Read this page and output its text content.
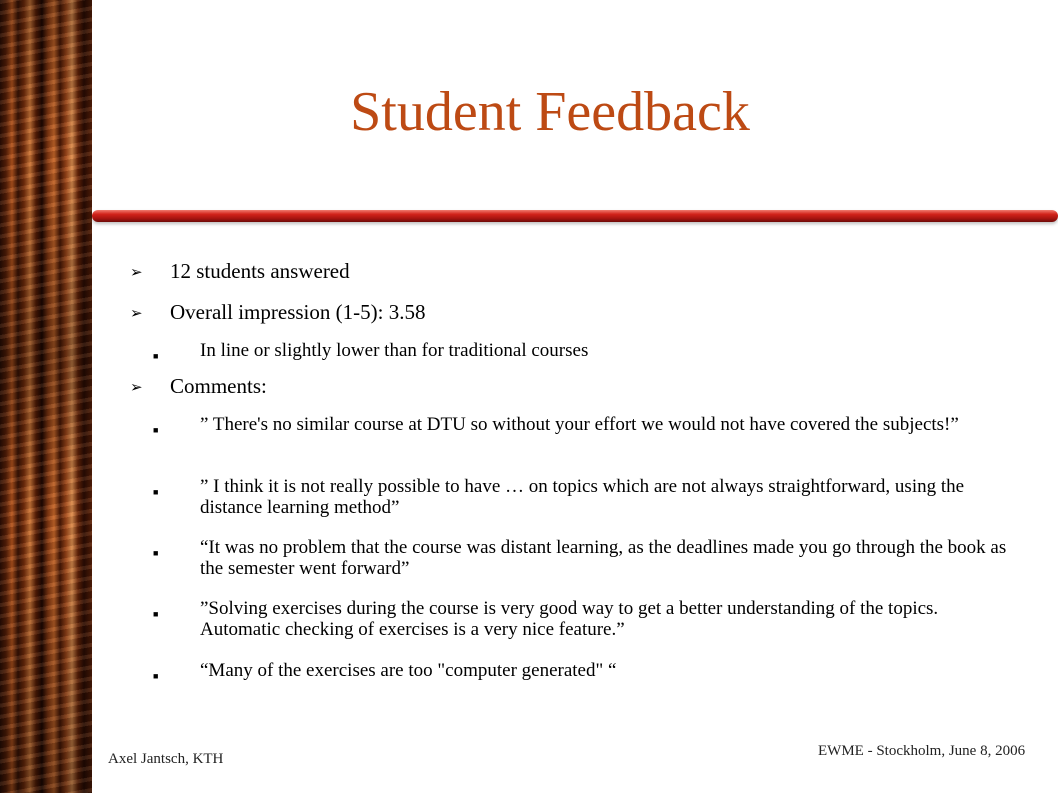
Student Feedback
➢ 12 students answered
➢ Overall impression (1-5): 3.58
■ In line or slightly lower than for traditional courses
➢ Comments:
■ ” There's no similar course at DTU so without your effort we would not have covered the subjects!”
■ ” I think it is not really possible to have … on topics which are not always straightforward, using the distance learning method”
■ “It was no problem that the course was distant learning, as the deadlines made you go through the book as the semester went forward”
■ ”Solving exercises during the course is very good way to get a better understanding of the topics. Automatic checking of exercises is a very nice feature.”
■ “Many of the exercises are too "computer generated" “
Axel Jantsch, KTH	EWME - Stockholm, June 8, 2006
